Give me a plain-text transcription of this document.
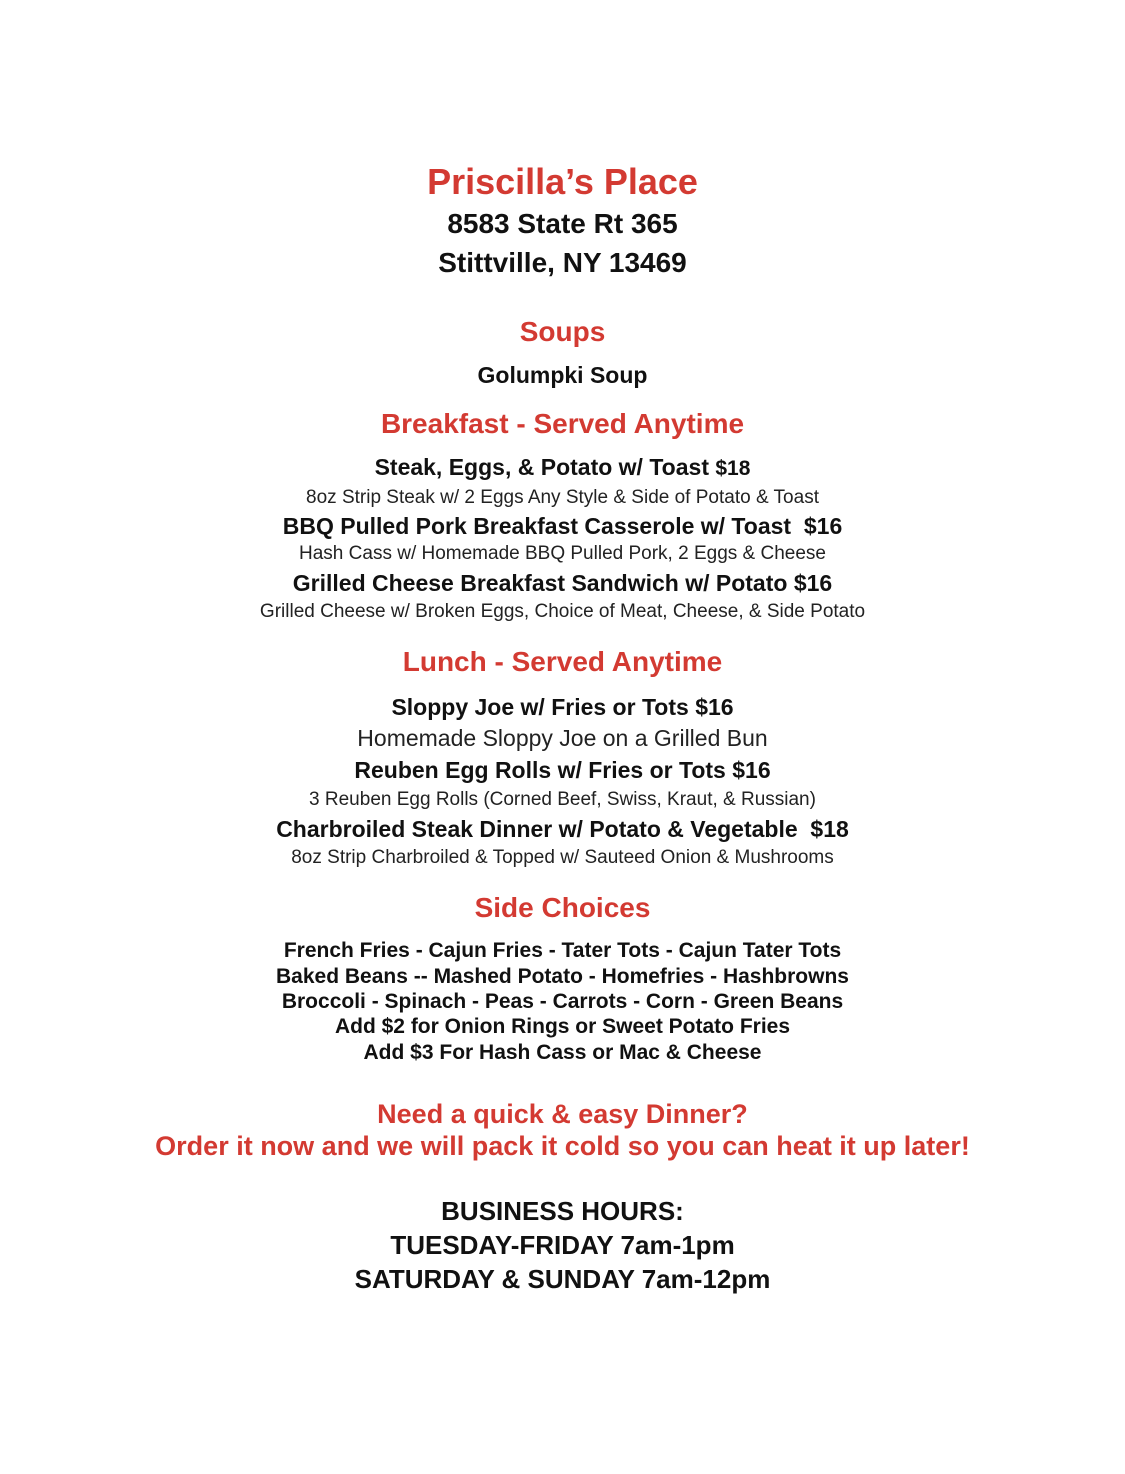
Priscilla’s Place
8583 State Rt 365
Stittville, NY 13469
Soups
Golumpki Soup
Breakfast - Served Anytime
Steak, Eggs, & Potato w/ Toast $18
8oz Strip Steak w/ 2 Eggs Any Style & Side of Potato & Toast
BBQ Pulled Pork Breakfast Casserole w/ Toast $16
Hash Cass w/ Homemade BBQ Pulled Pork, 2 Eggs & Cheese
Grilled Cheese Breakfast Sandwich w/ Potato $16
Grilled Cheese w/ Broken Eggs, Choice of Meat, Cheese, & Side Potato
Lunch - Served Anytime
Sloppy Joe w/ Fries or Tots $16
Homemade Sloppy Joe on a Grilled Bun
Reuben Egg Rolls w/ Fries or Tots $16
3 Reuben Egg Rolls (Corned Beef, Swiss, Kraut, & Russian)
Charbroiled Steak Dinner w/ Potato & Vegetable $18
8oz Strip Charbroiled & Topped w/ Sauteed Onion & Mushrooms
Side Choices
French Fries - Cajun Fries - Tater Tots - Cajun Tater Tots
Baked Beans -- Mashed Potato - Homefries - Hashbrowns
Broccoli - Spinach - Peas - Carrots - Corn - Green Beans
Add $2 for Onion Rings or Sweet Potato Fries
Add $3 For Hash Cass or Mac & Cheese
Need a quick & easy Dinner?
Order it now and we will pack it cold so you can heat it up later!
BUSINESS HOURS:
TUESDAY-FRIDAY 7am-1pm
SATURDAY & SUNDAY 7am-12pm
